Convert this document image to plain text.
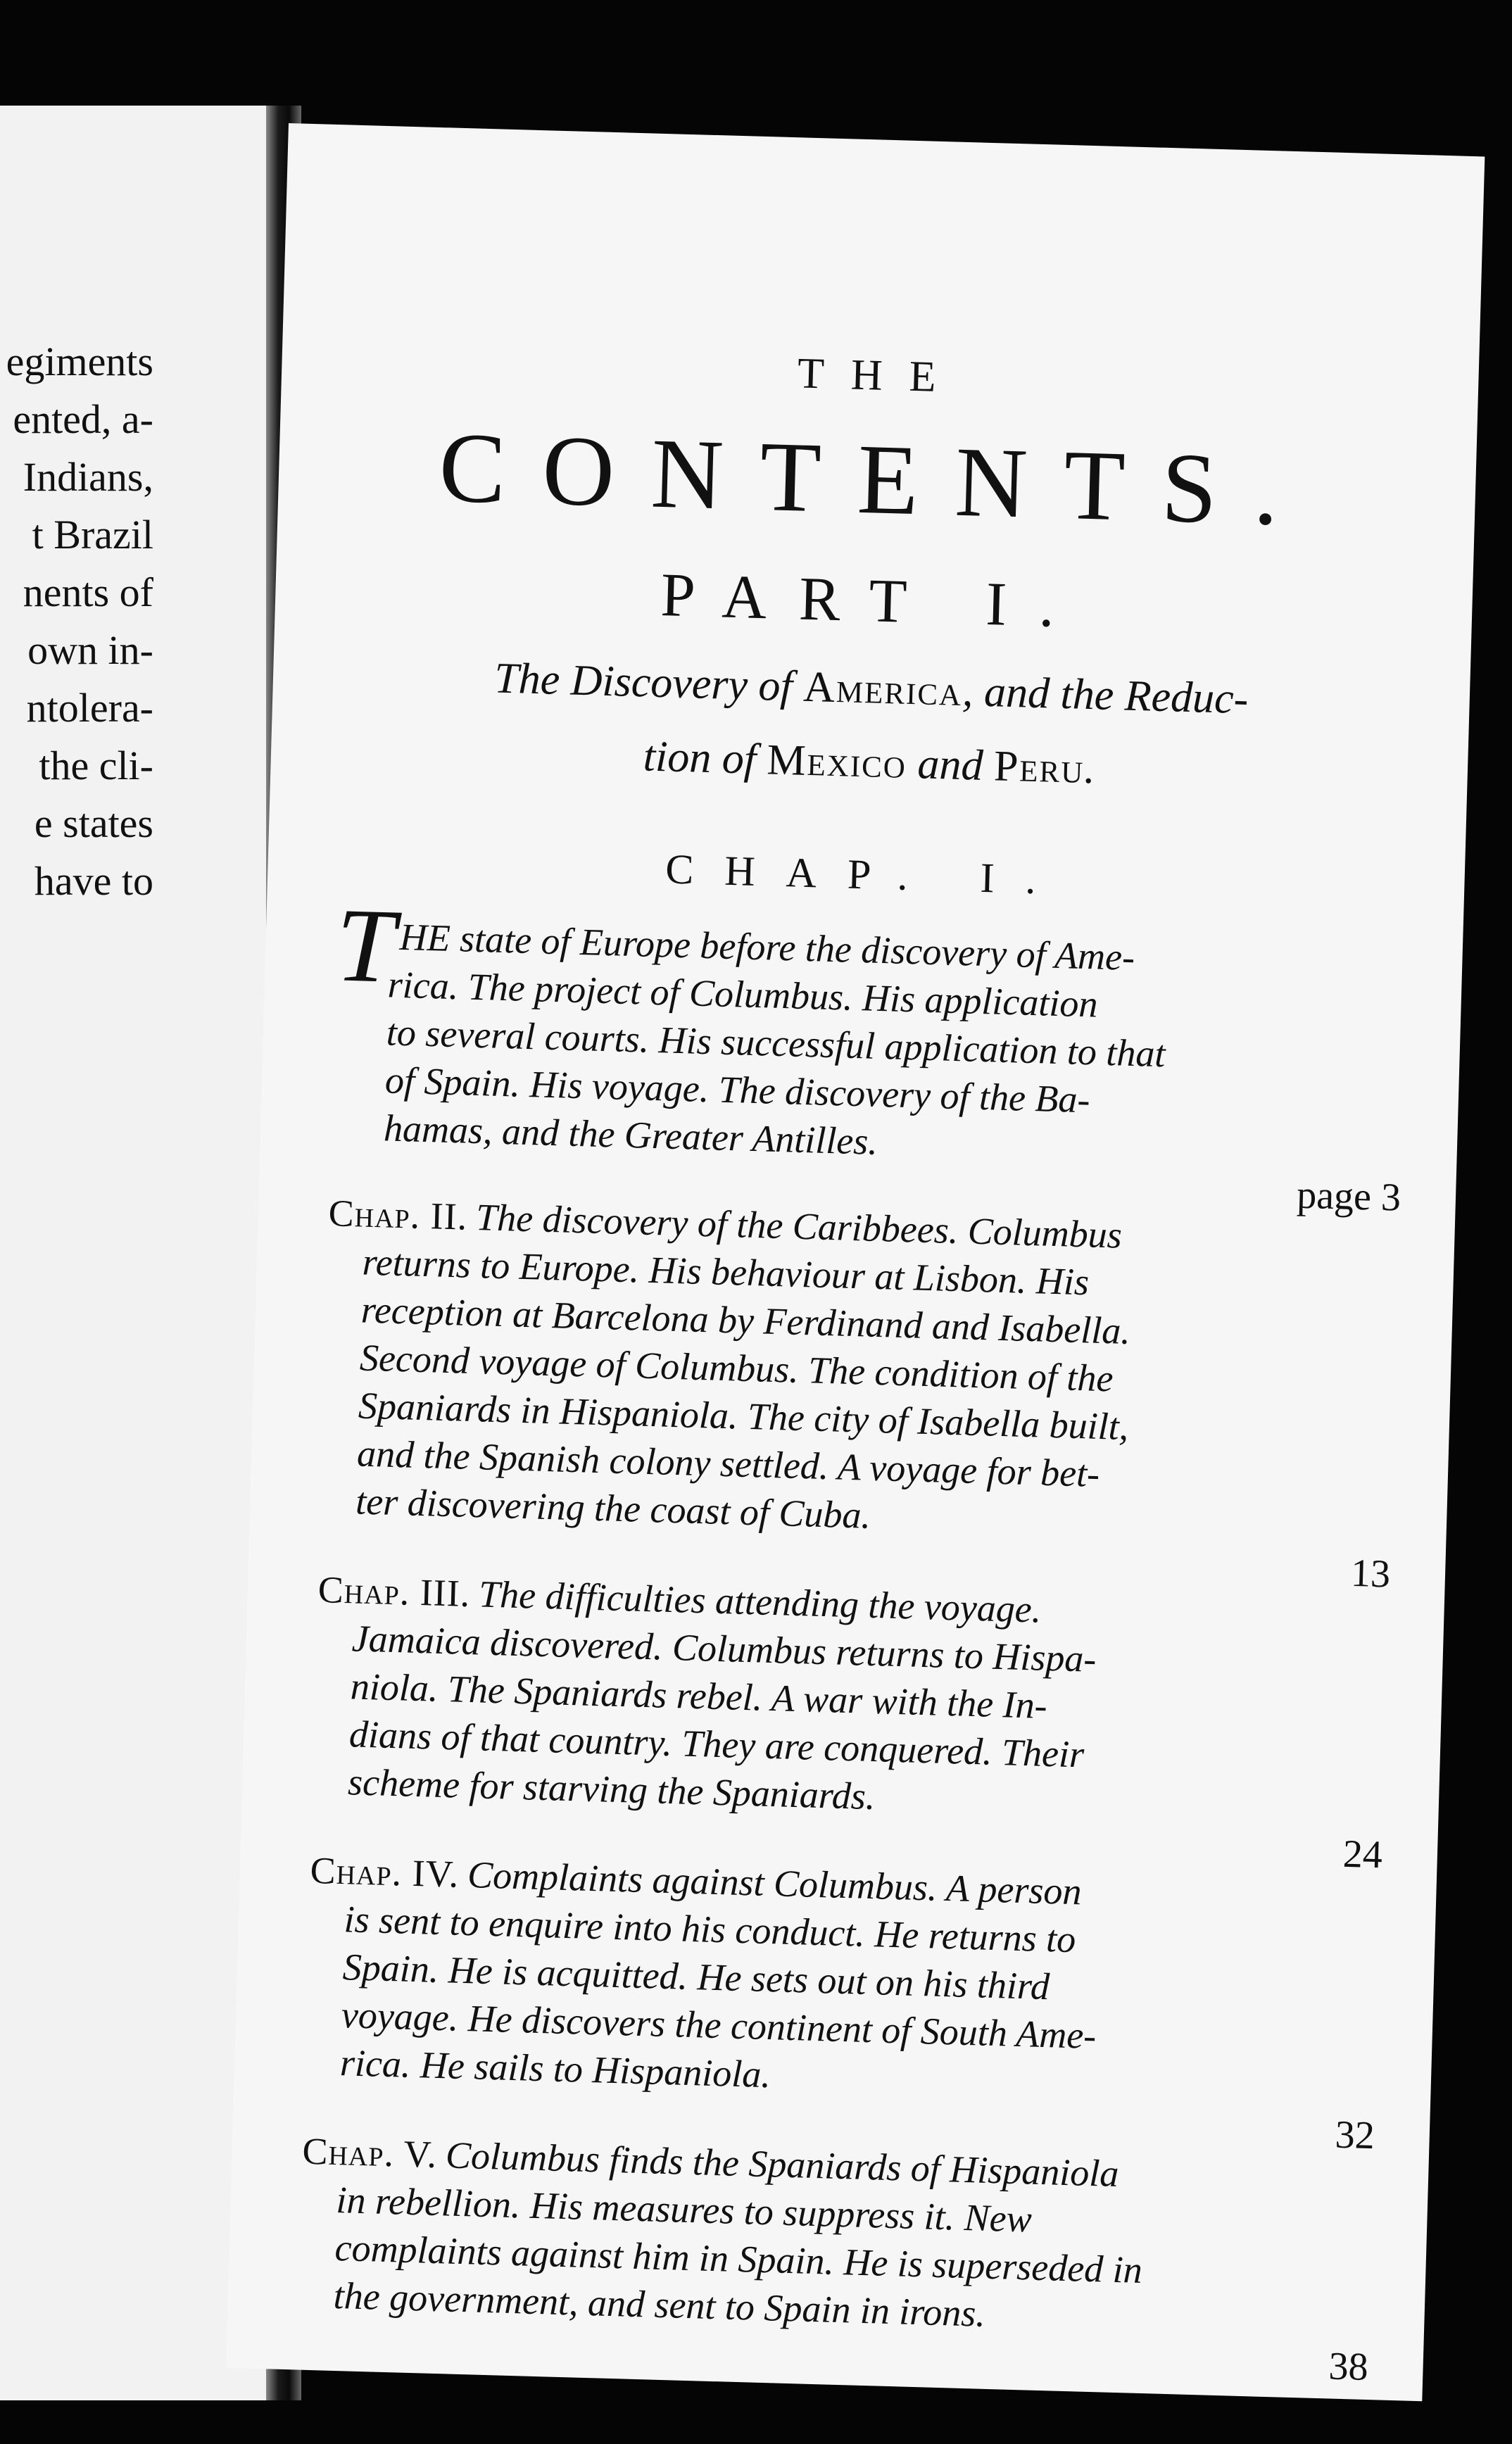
egiments
ented, a-
Indians,
t Brazil
nents of
own in-
ntolera-
the cli-
e states
have to
THE
CONTENTS.
PART I.
The Discovery of America, and the Reduc-
tion of Mexico and Peru.
CHAP. I.
T HE state of Europe before the discovery of Ame-
rica. The project of Columbus. His application
to several courts. His successful application to that
of Spain. His voyage. The discovery of the Ba-
hamas, and the Greater Antilles.
page 3
Chap. II. The discovery of the Caribbees. Columbus
returns to Europe. His behaviour at Lisbon. His
reception at Barcelona by Ferdinand and Isabella.
Second voyage of Columbus. The condition of the
Spaniards in Hispaniola. The city of Isabella built,
and the Spanish colony settled. A voyage for bet-
ter discovering the coast of Cuba.
13
Chap. III. The difficulties attending the voyage.
Jamaica discovered. Columbus returns to Hispa-
niola. The Spaniards rebel. A war with the In-
dians of that country. They are conquered. Their
scheme for starving the Spaniards.
24
Chap. IV. Complaints against Columbus. A person
is sent to enquire into his conduct. He returns to
Spain. He is acquitted. He sets out on his third
voyage. He discovers the continent of South Ame-
rica. He sails to Hispaniola.
32
Chap. V. Columbus finds the Spaniards of Hispaniola
in rebellion. His measures to suppress it. New
complaints against him in Spain. He is superseded in
the government, and sent to Spain in irons.
38
